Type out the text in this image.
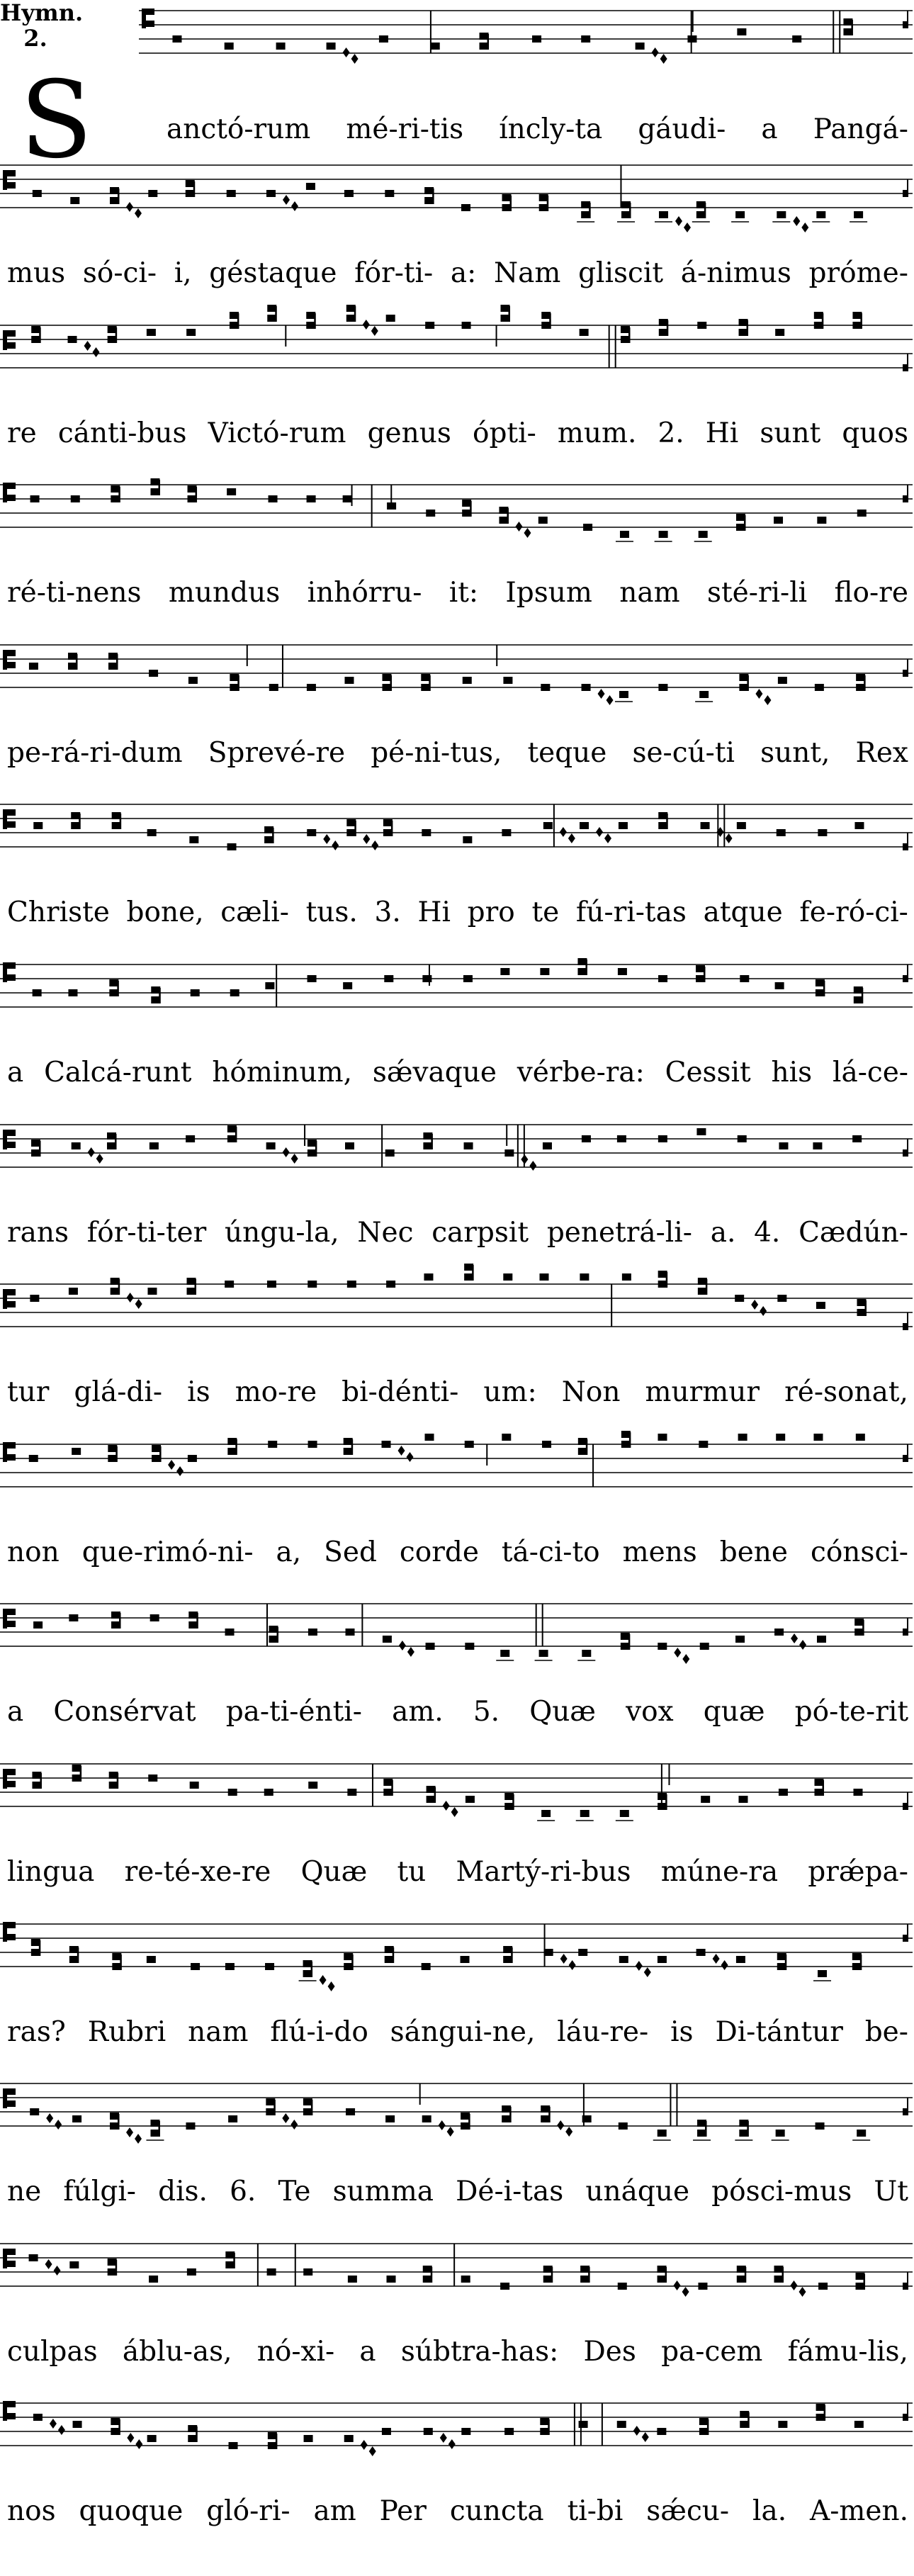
Hymn.
2.
S	anctó-rum mé-ri-tis íncly-ta gáudi- a Pangá-
mus só-ci- i, géstaque fór-ti- a: Nam gliscit á-nimus próme-
re cánti-bus Victó-rum genus ópti- mum. 2. Hi sunt quos
ré-ti-nens mundus inhórru- it: Ipsum nam sté-ri-li flo-re
pe-rá-ri-dum Sprevé-re pé-ni-tus, teque se-cú-ti sunt, Rex
Christe bone, cæli- tus. 3. Hi pro te fú-ri-tas atque fe-ró-ci-
a Calcá-runt hóminum, sǽvaque vérbe-ra: Cessit his lá-ce-
rans fór-ti-ter úngu-la, Nec carpsit penetrá-li- a. 4. Cædún-
tur glá-di- is mo-re bi-dénti- um: Non murmur ré-sonat,
non que-rimó-ni- a, Sed corde tá-ci-to mens bene cónsci-
a Consérvat pa-ti-énti- am. 5. Quæ vox quæ pó-te-rit
lingua re-té-xe-re Quæ tu Martý-ri-bus múne-ra prǽpa-
ras? Rubri nam flú-i-do sángui-ne, láu-re- is Di-tántur be-
ne fúlgi- dis. 6. Te summa Dé-i-tas unáque pósci-mus Ut
culpas áblu-as, nó-xi- a súbtra-has: Des pa-cem fámu-lis,
nos quoque gló-ri- am Per cuncta ti-bi sǽcu- la. A-men.
